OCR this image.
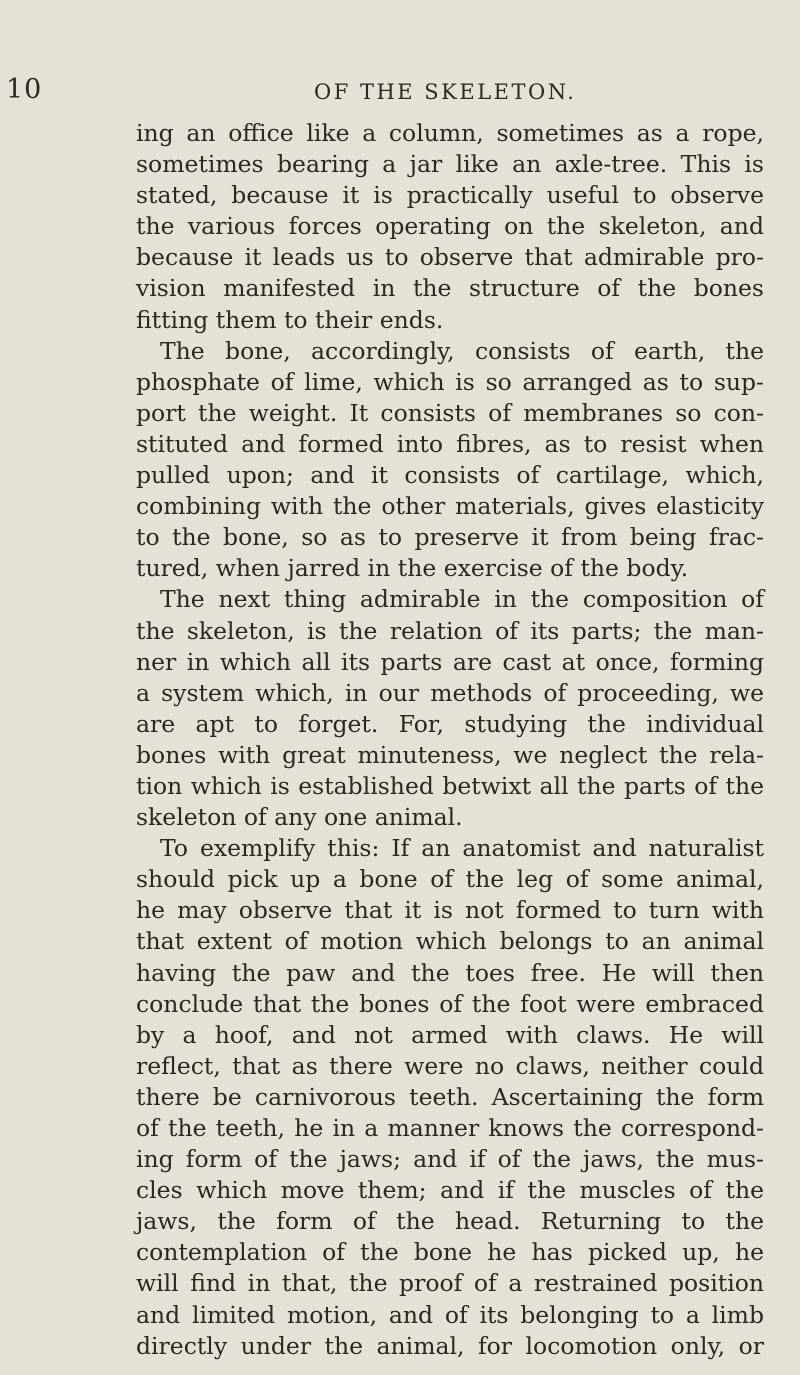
10	OF THE SKELETON.
ing an office like a column, sometimes as a rope,
sometimes bearing a jar like an axle-tree. This is
stated, because it is practically useful to observe
the various forces operating on the skeleton, and
because it leads us to observe that admirable pro-
vision manifested in the structure of the bones
fitting them to their ends.
The bone, accordingly, consists of earth, the
phosphate of lime, which is so arranged as to sup-
port the weight. It consists of membranes so con-
stituted and formed into fibres, as to resist when
pulled upon; and it consists of cartilage, which,
combining with the other materials, gives elasticity
to the bone, so as to preserve it from being frac-
tured, when jarred in the exercise of the body.
The next thing admirable in the composition of
the skeleton, is the relation of its parts; the man-
ner in which all its parts are cast at once, forming
a system which, in our methods of proceeding, we
are apt to forget. For, studying the individual
bones with great minuteness, we neglect the rela-
tion which is established betwixt all the parts of the
skeleton of any one animal.
To exemplify this: If an anatomist and naturalist
should pick up a bone of the leg of some animal,
he may observe that it is not formed to turn with
that extent of motion which belongs to an animal
having the paw and the toes free. He will then
conclude that the bones of the foot were embraced
by a hoof, and not armed with claws. He will
reflect, that as there were no claws, neither could
there be carnivorous teeth. Ascertaining the form
of the teeth, he in a manner knows the correspond-
ing form of the jaws; and if of the jaws, the mus-
cles which move them; and if the muscles of the
jaws, the form of the head. Returning to the
contemplation of the bone he has picked up, he
will find in that, the proof of a restrained position
and limited motion, and of its belonging to a limb
directly under the animal, for locomotion only, or
